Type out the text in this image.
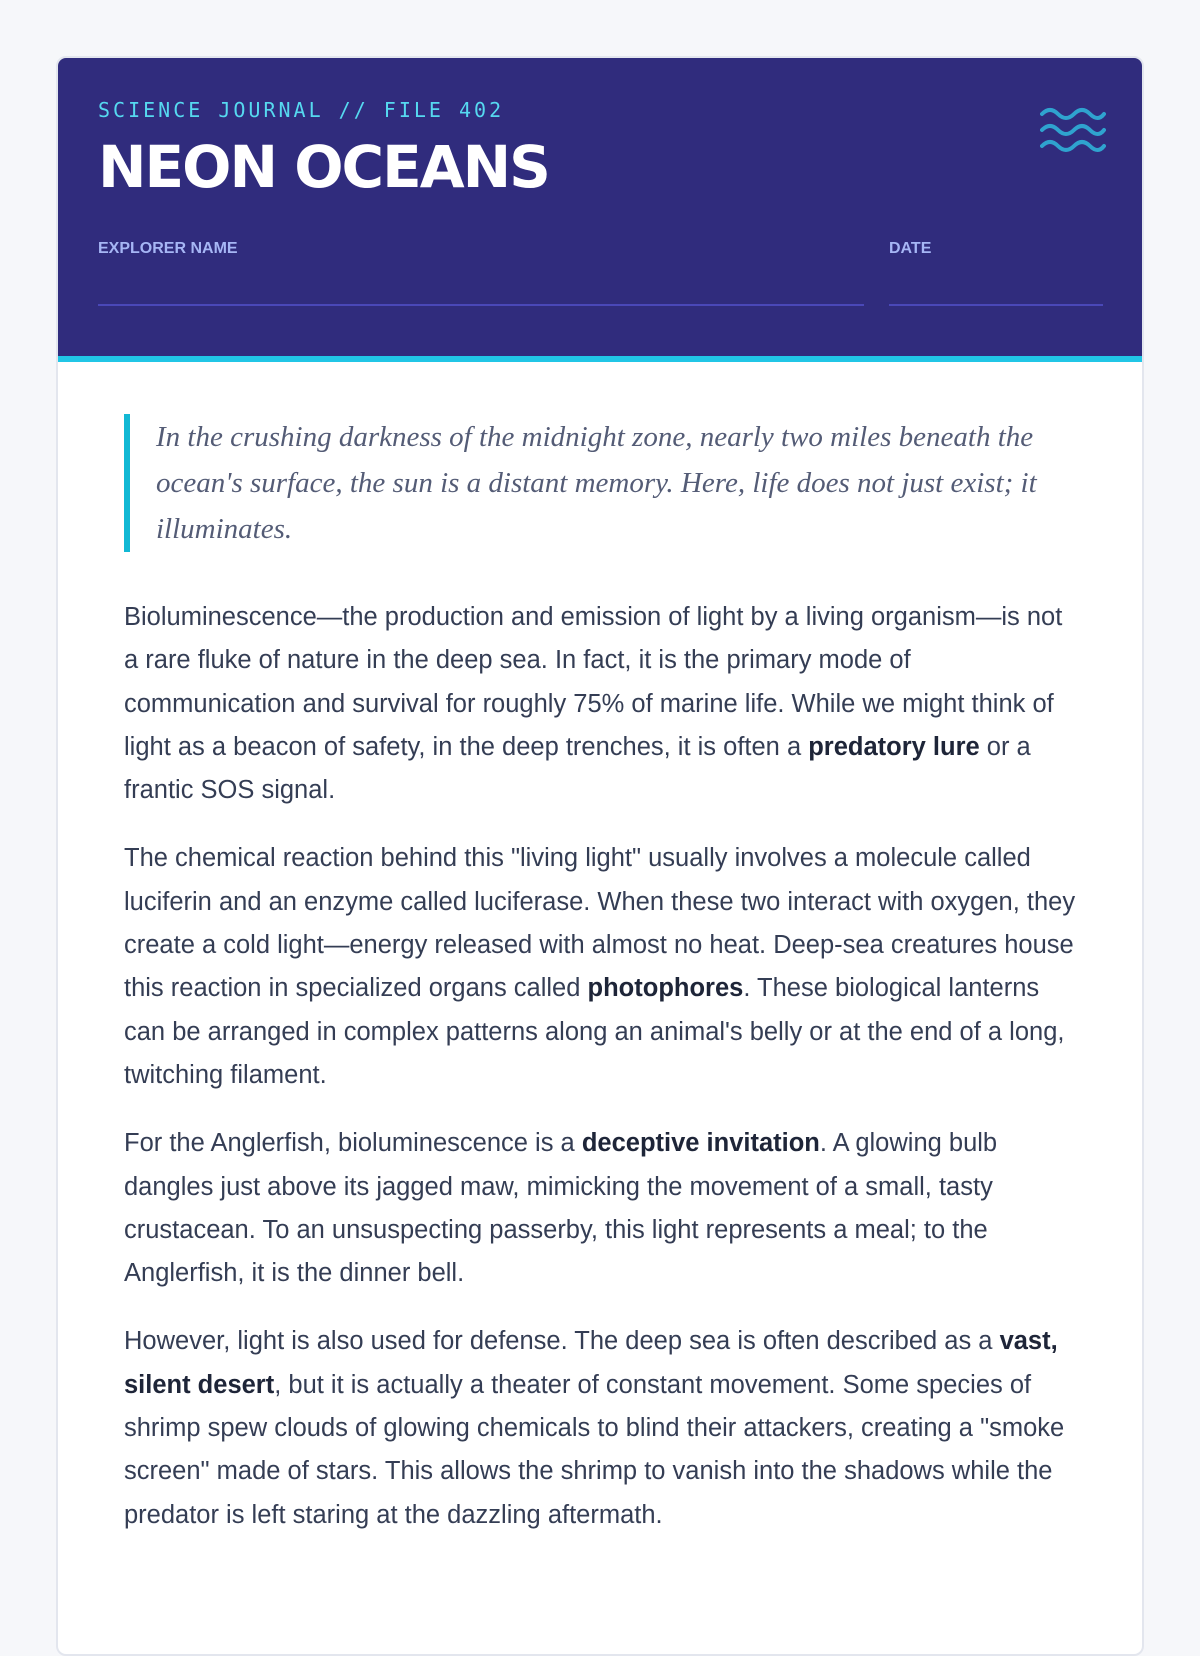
SCIENCE JOURNAL // FILE 402

NEON OCEANS
EXPLORER NAME	DATE
In the crushing darkness of the midnight zone, nearly two miles beneath the ocean's surface, the sun is a distant memory. Here, life does not just exist; it illuminates.

Bioluminescence—the production and emission of light by a living organism—is not a rare fluke of nature in the deep sea. In fact, it is the primary mode of communication and survival for roughly 75% of marine life. While we might think of light as a beacon of safety, in the deep trenches, it is often a predatory lure or a frantic SOS signal.

The chemical reaction behind this "living light" usually involves a molecule called luciferin and an enzyme called luciferase. When these two interact with oxygen, they create a cold light—energy released with almost no heat. Deep-sea creatures house this reaction in specialized organs called photophores. These biological lanterns can be arranged in complex patterns along an animal's belly or at the end of a long, twitching filament.

For the Anglerfish, bioluminescence is a deceptive invitation. A glowing bulb dangles just above its jagged maw, mimicking the movement of a small, tasty crustacean. To an unsuspecting passerby, this light represents a meal; to the Anglerfish, it is the dinner bell.

However, light is also used for defense. The deep sea is often described as a vast, silent desert, but it is actually a theater of constant movement. Some species of shrimp spew clouds of glowing chemicals to blind their attackers, creating a "smoke screen" made of stars. This allows the shrimp to vanish into the shadows while the predator is left staring at the dazzling aftermath.
